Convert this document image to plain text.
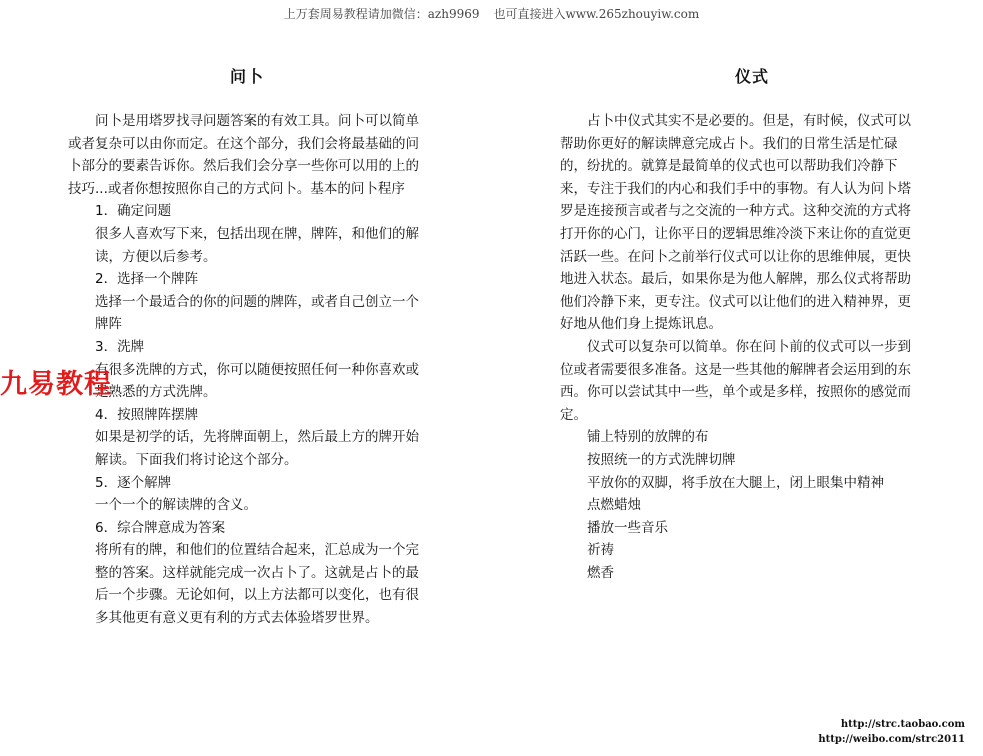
上万套周易教程请加微信：azh9969 也可直接进入www.265zhouyiw.com
问卜	仪式

问卜是用塔罗找寻问题答案的有效工具。问卜可以简单或者复杂可以由你而定。在这个部分，我们会将最基础的问卜部分的要素告诉你。然后我们会分享一些你可以用的上的技巧...或者你想按照你自己的方式问卜。基本的问卜程序

1．确定问题

很多人喜欢写下来，包括出现在牌，牌阵，和他们的解读，方便以后参考。

2．选择一个牌阵

选择一个最适合的你的问题的牌阵，或者自己创立一个牌阵

3．洗牌

有很多洗牌的方式，你可以随便按照任何一种你喜欢或是熟悉的方式洗牌。

4．按照牌阵摆牌

如果是初学的话，先将牌面朝上，然后最上方的牌开始解读。下面我们将讨论这个部分。

5．逐个解牌

一个一个的解读牌的含义。

6．综合牌意成为答案

将所有的牌，和他们的位置结合起来，汇总成为一个完整的答案。这样就能完成一次占卜了。这就是占卜的最后一个步骤。无论如何，以上方法都可以变化，也有很多其他更有意义更有利的方式去体验塔罗世界。

占卜中仪式其实不是必要的。但是，有时候，仪式可以帮助你更好的解读牌意完成占卜。我们的日常生活是忙碌的，纷扰的。就算是最简单的仪式也可以帮助我们冷静下来，专注于我们的内心和我们手中的事物。有人认为问卜塔罗是连接预言或者与之交流的一种方式。这种交流的方式将打开你的心门，让你平日的逻辑思维冷淡下来让你的直觉更活跃一些。在问卜之前举行仪式可以让你的思维伸展，更快地进入状态。最后，如果你是为他人解牌，那么仪式将帮助他们冷静下来，更专注。仪式可以让他们的进入精神界，更好地从他们身上提炼讯息。

仪式可以复杂可以简单。你在问卜前的仪式可以一步到位或者需要很多准备。这是一些其他的解牌者会运用到的东西。你可以尝试其中一些，单个或是多样，按照你的感觉而定。

铺上特别的放牌的布

按照统一的方式洗牌切牌

平放你的双脚，将手放在大腿上，闭上眼集中精神

点燃蜡烛

播放一些音乐

祈祷

燃香

九易教程
http://strc.taobao.com
http://weibo.com/strc2011
